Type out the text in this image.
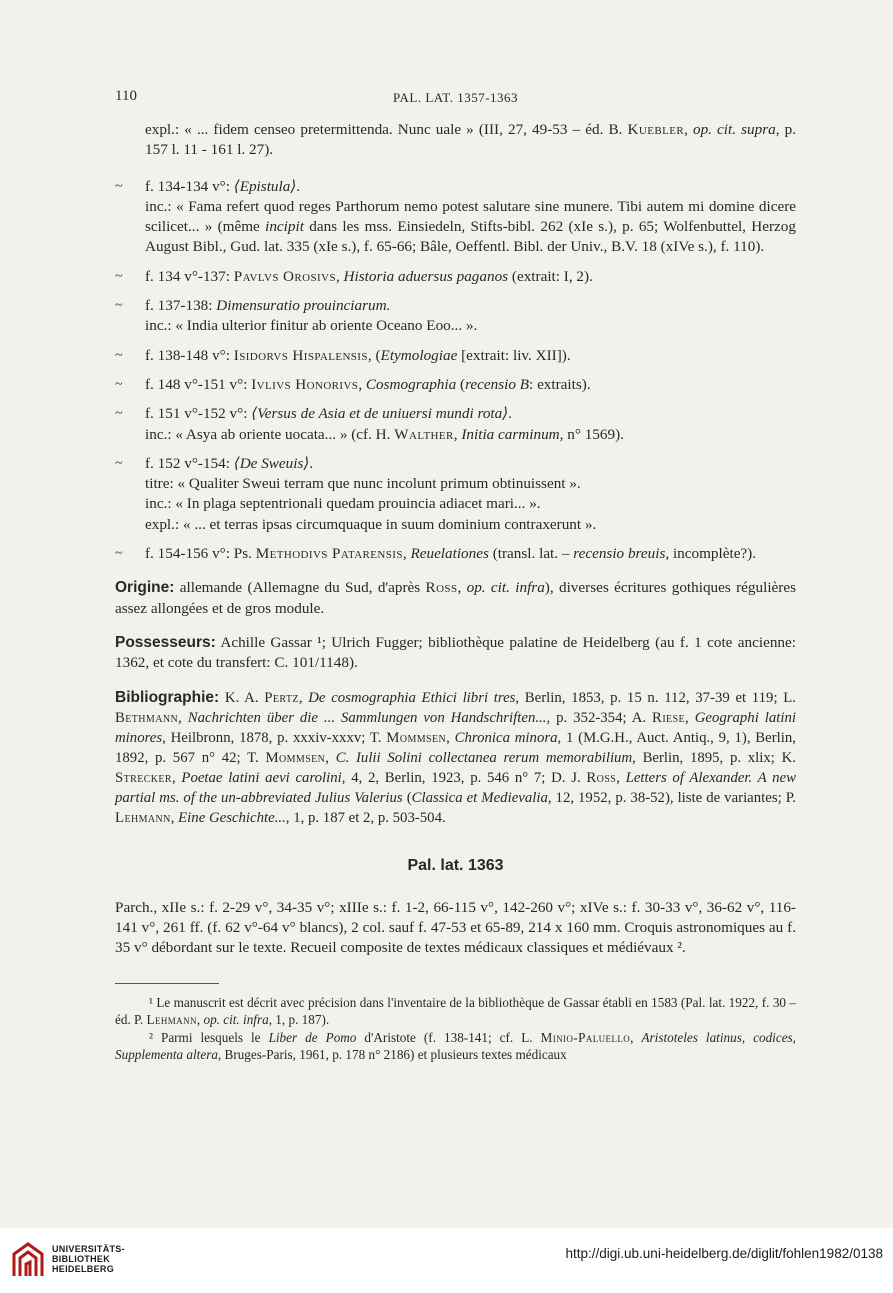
110	PAL. LAT. 1357-1363
expl.: « ... fidem censeo pretermittenda. Nunc uale » (III, 27, 49-53 – éd. B. Kuebler, op. cit. supra, p. 157 l. 11 - 161 l. 27).
~ f. 134-134 v°: ⟨Epistula⟩.
inc.: « Fama refert quod reges Parthorum nemo potest salutare sine munere. Tibi autem mi domine dicere scilicet... » (même incipit dans les mss. Einsiedeln, Stifts-bibl. 262 (xIe s.), p. 65; Wolfenbuttel, Herzog August Bibl., Gud. lat. 335 (xIe s.), f. 65-66; Bâle, Oeffentl. Bibl. der Univ., B.V. 18 (xIVe s.), f. 110).
~ f. 134 v°-137: Pavlvs Orosivs, Historia aduersus paganos (extrait: I, 2).
~ f. 137-138: Dimensuratio prouinciarum.
inc.: « India ulterior finitur ab oriente Oceano Eoo... ».
~ f. 138-148 v°: Isidorvs Hispalensis, (Etymologiae [extrait: liv. XII]).
~ f. 148 v°-151 v°: Ivlivs Honorivs, Cosmographia (recensio B: extraits).
~ f. 151 v°-152 v°: ⟨Versus de Asia et de uniuersi mundi rota⟩.
inc.: « Asya ab oriente uocata... » (cf. H. Walther, Initia carminum, n° 1569).
~ f. 152 v°-154: ⟨De Sweuis⟩.
titre: « Qualiter Sweui terram que nunc incolunt primum obtinuissent ».
inc.: « In plaga septentrionali quedam prouincia adiacet mari... ».
expl.: « ... et terras ipsas circumquaque in suum dominium contraxerunt ».
~ f. 154-156 v°: Ps. Methodivs Patarensis, Reuelationes (transl. lat. – recensio breuis, incomplète?).
Origine: allemande (Allemagne du Sud, d'après Ross, op. cit. infra), diverses écritures gothiques régulières assez allongées et de gros module.
Possesseurs: Achille Gassar ¹; Ulrich Fugger; bibliothèque palatine de Heidelberg (au f. 1 cote ancienne: 1362, et cote du transfert: C. 101/1148).
Bibliographie: K. A. Pertz, De cosmographia Ethici libri tres, Berlin, 1853, p. 15 n. 112, 37-39 et 119; L. Bethmann, Nachrichten über die ... Sammlungen von Handschriften..., p. 352-354; A. Riese, Geographi latini minores, Heilbronn, 1878, p. xxxiv-xxxv; T. Mommsen, Chronica minora, 1 (M.G.H., Auct. Antiq., 9, 1), Berlin, 1892, p. 567 n° 42; T. Mommsen, C. Iulii Solini collectanea rerum memorabilium, Berlin, 1895, p. xlix; K. Strecker, Poetae latini aevi carolini, 4, 2, Berlin, 1923, p. 546 n° 7; D. J. Ross, Letters of Alexander. A new partial ms. of the un-abbreviated Julius Valerius (Classica et Medievalia, 12, 1952, p. 38-52), liste de variantes; P. Lehmann, Eine Geschichte..., 1, p. 187 et 2, p. 503-504.
Pal. lat. 1363
Parch., xIIe s.: f. 2-29 v°, 34-35 v°; xIIIe s.: f. 1-2, 66-115 v°, 142-260 v°; xIVe s.: f. 30-33 v°, 36-62 v°, 116-141 v°, 261 ff. (f. 62 v°-64 v° blancs), 2 col. sauf f. 47-53 et 65-89, 214 x 160 mm. Croquis astronomiques au f. 35 v° débordant sur le texte. Recueil composite de textes médicaux classiques et médiévaux ².

¹ Le manuscrit est décrit avec précision dans l'inventaire de la bibliothèque de Gassar établi en 1583 (Pal. lat. 1922, f. 30 – éd. P. Lehmann, op. cit. infra, 1, p. 187).

² Parmi lesquels le Liber de Pomo d'Aristote (f. 138-141; cf. L. Minio-Paluello, Aristoteles latinus, codices, Supplementa altera, Bruges-Paris, 1961, p. 178 n° 2186) et plusieurs textes médicaux

UNIVERSITÄTS-
BIBLIOTHEK
HEIDELBERG
http://digi.ub.uni-heidelberg.de/diglit/fohlen1982/0138
